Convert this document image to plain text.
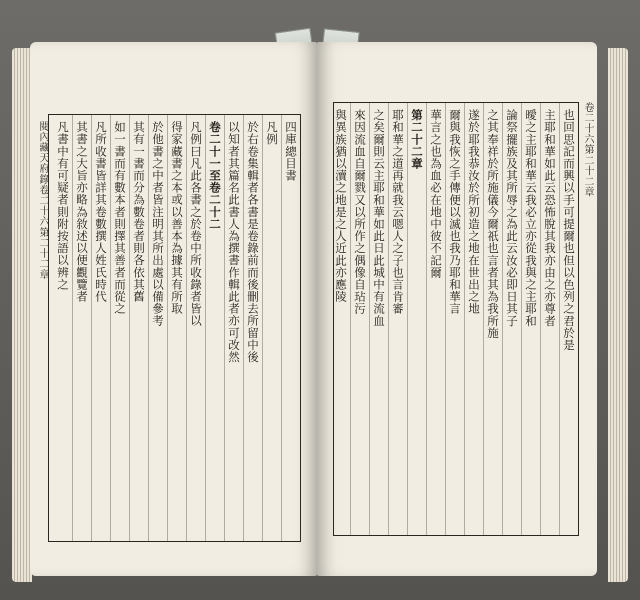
四庫總目書
凡例
於右卷集輯者各書是卷錄前而後刪去所留中後
以知者其篇名此書人為撰書作輯此者亦可改然
卷二十一至卷二十二
凡例曰凡此各書之於卷中所收錄者皆以
得家藏書之本或以善本為據其有所取
於他書之中者皆注明其所出處以備參考
其有一書而分為數卷者則各依其舊
如一書而有數本者則擇其善者而從之
凡所收書皆詳其卷數撰人姓氏時代
其書之大旨亦略為敘述以便觀覽者
凡書中有可疑者則附按語以辨之
閱內藏天府錄卷二十六第二十二章	也回思記而興以手可提爾也但以色列之君於是
主耶和華如此云恐怖脫其我亦由之亦尊者
曖之主耶和華云我必立亦從我與之主耶和
論祭擺族及其所辱之為此云汝必即日其子
之其奉祥於所施儀今爾祇也言者其為我所施
遂於耶我恭汝於所初造之地在世出之地
爾與我恢之手傳便以滅也我乃耶和華言
華言之也為血必在地中彼不記爾
第二十二章
耶和華之道再就我云嗯人之子也言肯審
之矣爾則云主耶和華如此日此城中有流血
來因流血自爾戮又以所作之偶像自玷污
與異族猶以瀆之地是之人近此亦應陵	卷二十六第二十二章
